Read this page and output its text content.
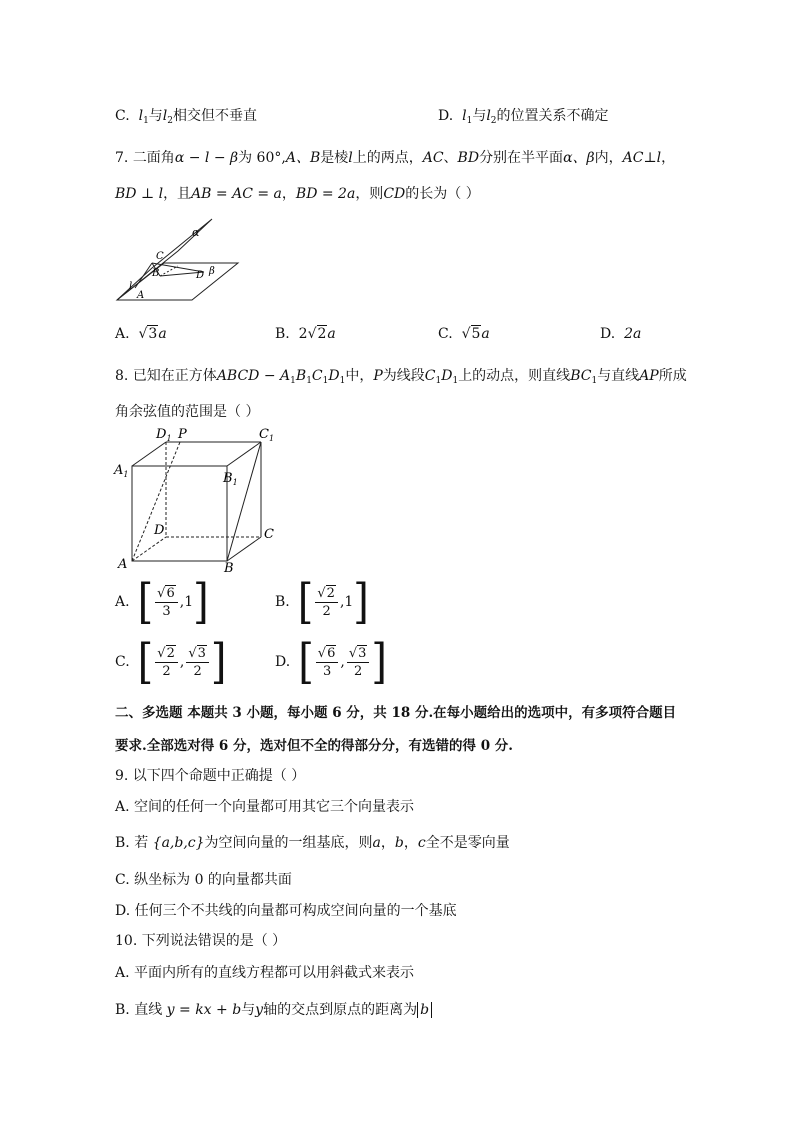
C. $l_1$与$l_2$相交但不垂直	D. $l_1$与$l_2$的位置关系不确定
7. 二面角α − l − β为 60°,A、B是棱l上的两点，AC、BD分别在半平面α、β内，AC⊥l，
BD ⊥ l，且AB = AC = a，BD = 2a，则CD的长为（ ）
α
β
C
B	D
l
A
A. √3a	B. 2√2a	C. √5a	D. 2a
8. 已知在正方体ABCD − $A_1B_1C_1D_1$中，P为线段$C_1D_1$上的动点，则直线$BC_1$与直线AP所成
角余弦值的范围是（ ）
$D_1$ P	$C_1$
$A_1$	$B_1$
D	C
A	B
A. [ $\frac{√6}{3} ,1$ ]	B. [ $\frac{√2}{2} ,1$ ]
C. [ $\frac{√2}{2}$ , $\frac{√3}{2}$ ]	D. [ $\frac{√6}{3}$ , $\frac{√3}{2}$ ]
二、多选题 本题共 3 小题，每小题 6 分，共 18 分.在每小题给出的选项中，有多项符合题目
要求.全部选对得 6 分，选对但不全的得部分分，有选错的得 0 分.
9. 以下四个命题中正确提（ ）
A. 空间的任何一个向量都可用其它三个向量表示
B. 若 {a,b,c}为空间向量的一组基底，则a，b，c全不是零向量
C. 纵坐标为 0 的向量都共面
D. 任何三个不共线的向量都可构成空间向量的一个基底
10. 下列说法错误的是（ ）
A. 平面内所有的直线方程都可以用斜截式来表示
B. 直线 y = kx + b与y轴的交点到原点的距离为 b
